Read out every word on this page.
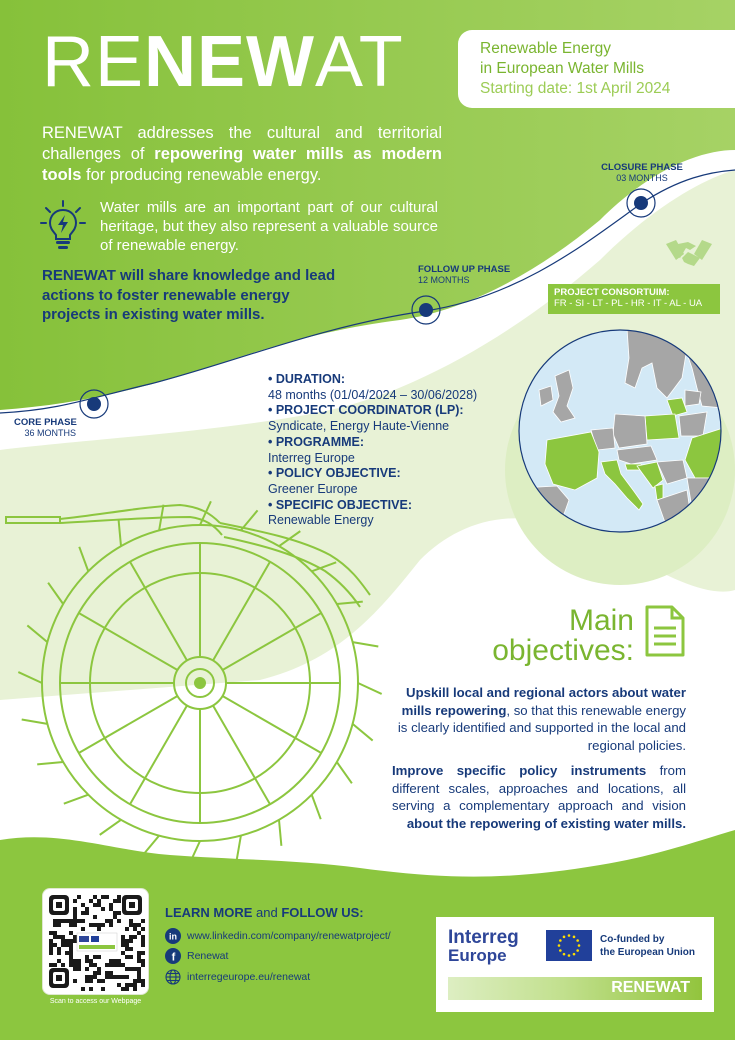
RENEWAT	Renewable Energy
in European Water Mills
Starting date: 1st April 2024
RENEWAT addresses the cultural and territorial challenges of repowering water mills as modern tools for producing renewable energy.
Water mills are an important part of our cultural heritage, but they also represent a valuable source of renewable energy.
RENEWAT will share knowledge and lead actions to foster renewable energy projects in existing water mills.
CORE PHASE
36 MONTHS
FOLLOW UP PHASE
12 MONTHS
CLOSURE PHASE
03 MONTHS
PROJECT CONSORTUIM:
FR - SI - LT - PL - HR - IT - AL - UA
• DURATION:
48 months (01/04/2024 – 30/06/2028)
• PROJECT COORDINATOR (LP):
Syndicate, Energy Haute-Vienne
• PROGRAMME:
Interreg Europe
• POLICY OBJECTIVE:
Greener Europe
• SPECIFIC OBJECTIVE:
Renewable Energy
Main
objectives:
Upskill local and regional actors about water mills repowering, so that this renewable energy is clearly identified and supported in the local and regional policies.
Improve specific policy instruments from different scales, approaches and locations, all serving a complementary approach and vision about the repowering of existing water mills.
Scan to access our Webpage
LEARN MORE and FOLLOW US:
in www.linkedin.com/company/renewatproject/
f Renewat
interregeurope.eu/renewat
Interreg
Europe
Co-funded by
the European Union
RENEWAT
